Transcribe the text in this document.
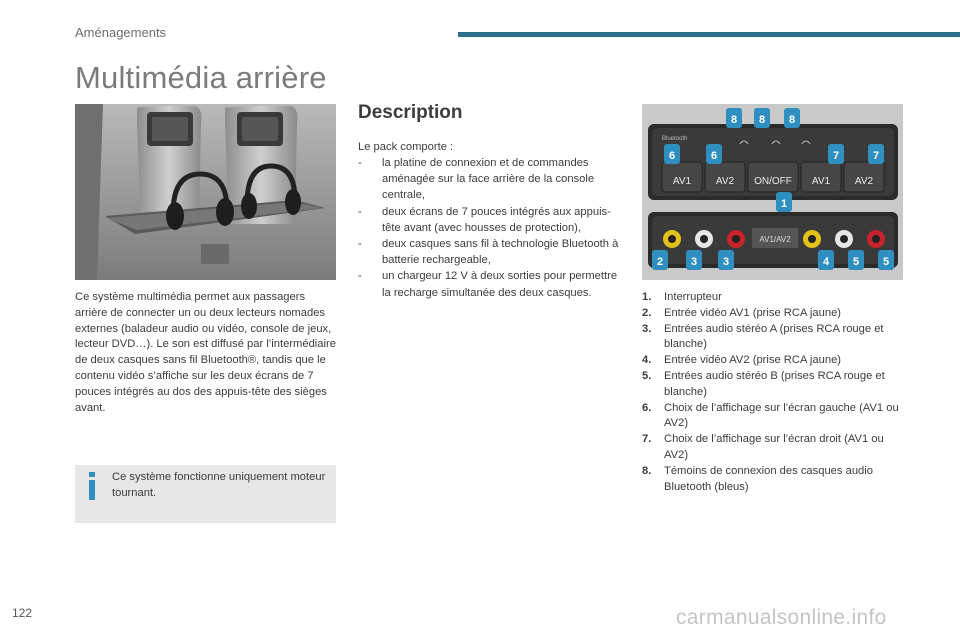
Aménagements
Multimédia arrière
Ce système multimédia permet aux passagers arrière de connecter un ou deux lecteurs nomades externes (baladeur audio ou vidéo, console de jeux, lecteur DVD…). Le son est diffusé par l’intermédiaire de deux casques sans fil Bluetooth®, tandis que le contenu vidéo s’affiche sur les deux écrans de 7 pouces intégrés au dos des appuis-tête des sièges avant.
Ce système fonctionne uniquement moteur tournant.
Description
Le pack comporte :
- la platine de connexion et de commandes aménagée sur la face arrière de la console centrale,
- deux écrans de 7 pouces intégrés aux appuis-tête avant (avec housses de protection),
- deux casques sans fil à technologie Bluetooth à batterie rechargeable,
- un chargeur 12 V à deux sorties pour permettre la recharge simultanée des deux casques.
Bluetooth
AV1 AV2 ON/OFF AV1 AV2
AV1/AV2
8 8 8
6	6	7	7
1
2	3 3	4 5 5
1. Interrupteur
2. Entrée vidéo AV1 (prise RCA jaune)
3. Entrées audio stéréo A (prises RCA rouge et blanche)
4. Entrée vidéo AV2 (prise RCA jaune)
5. Entrées audio stéréo B (prises RCA rouge et blanche)
6. Choix de l’affichage sur l’écran gauche (AV1 ou AV2)
7. Choix de l’affichage sur l’écran droit (AV1 ou AV2)
8. Témoins de connexion des casques audio Bluetooth (bleus)
122	carmanualsonline.info
